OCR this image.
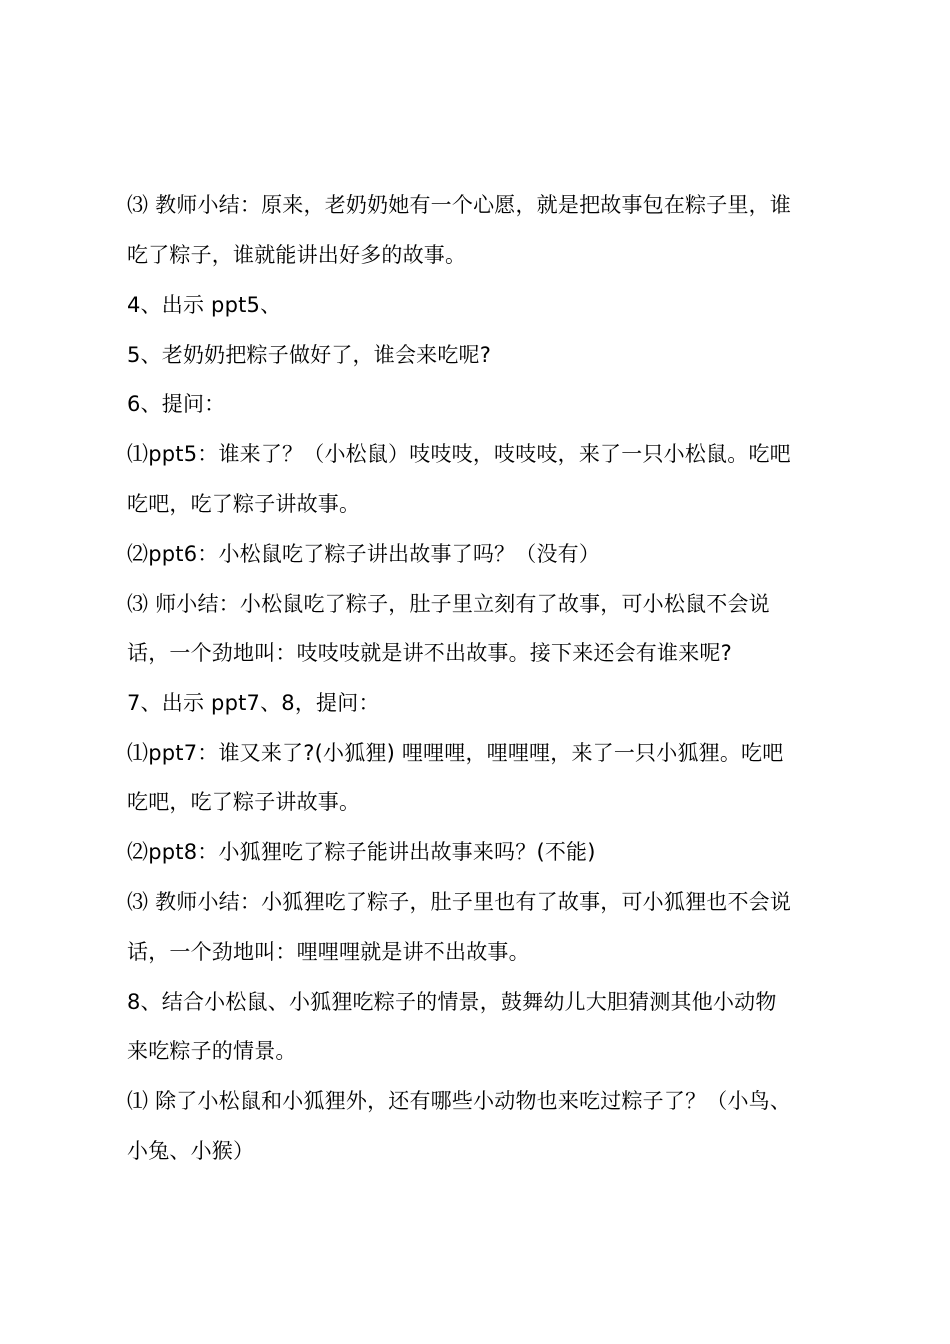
⑶ 教师小结：原来，老奶奶她有一个心愿，就是把故事包在粽子里，谁
吃了粽子，谁就能讲出好多的故事。
4、出示 ppt5、
5、老奶奶把粽子做好了，谁会来吃呢?
6、提问：
⑴ppt5：谁来了？（小松鼠）吱吱吱，吱吱吱，来了一只小松鼠。吃吧
吃吧，吃了粽子讲故事。
⑵ppt6：小松鼠吃了粽子讲出故事了吗？（没有）
⑶ 师小结：小松鼠吃了粽子，肚子里立刻有了故事，可小松鼠不会说
话，一个劲地叫：吱吱吱就是讲不出故事。接下来还会有谁来呢?
7、出示 ppt7、8，提问：
⑴ppt7：谁又来了?(小狐狸) 哩哩哩，哩哩哩，来了一只小狐狸。吃吧
吃吧，吃了粽子讲故事。
⑵ppt8：小狐狸吃了粽子能讲出故事来吗？(不能)
⑶ 教师小结：小狐狸吃了粽子，肚子里也有了故事，可小狐狸也不会说
话，一个劲地叫：哩哩哩就是讲不出故事。
8、结合小松鼠、小狐狸吃粽子的情景，鼓舞幼儿大胆猜测其他小动物
来吃粽子的情景。
⑴ 除了小松鼠和小狐狸外，还有哪些小动物也来吃过粽子了？（小鸟、
小兔、小猴）
